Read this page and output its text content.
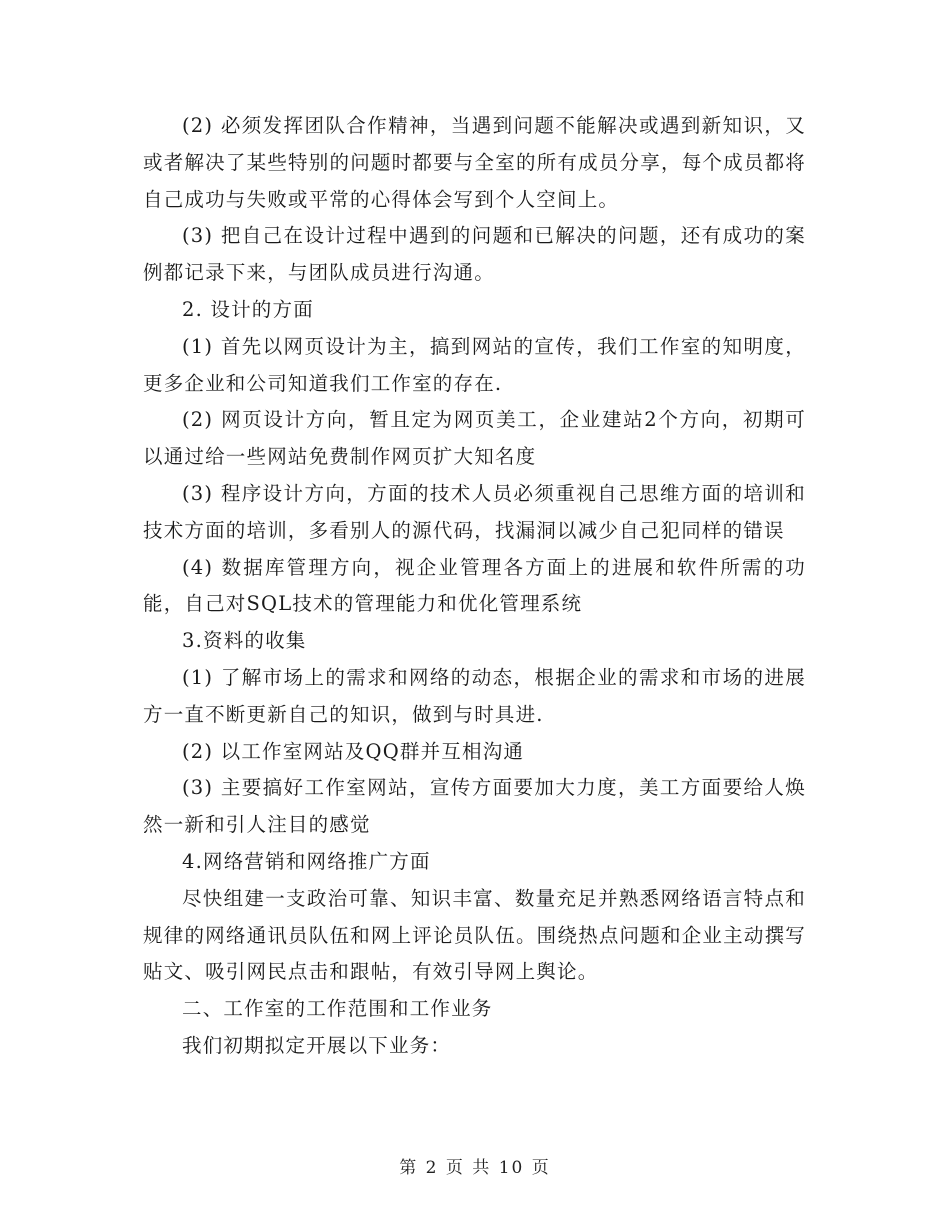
(2) 必须发挥团队合作精神，当遇到问题不能解决或遇到新知识，又或者解决了某些特别的问题时都要与全室的所有成员分享，每个成员都将自己成功与失败或平常的心得体会写到个人空间上。

(3) 把自己在设计过程中遇到的问题和已解决的问题，还有成功的案例都记录下来，与团队成员进行沟通。

2. 设计的方面

(1) 首先以网页设计为主，搞到网站的宣传，我们工作室的知明度，更多企业和公司知道我们工作室的存在.

(2) 网页设计方向，暂且定为网页美工，企业建站2个方向，初期可以通过给一些网站免费制作网页扩大知名度

(3) 程序设计方向，方面的技术人员必须重视自己思维方面的培训和技术方面的培训，多看别人的源代码，找漏洞以减少自己犯同样的错误

(4) 数据库管理方向，视企业管理各方面上的进展和软件所需的功能，自己对SQL技术的管理能力和优化管理系统

3.资料的收集

(1) 了解市场上的需求和网络的动态，根据企业的需求和市场的进展方一直不断更新自己的知识，做到与时具进.

(2) 以工作室网站及QQ群并互相沟通

(3) 主要搞好工作室网站，宣传方面要加大力度，美工方面要给人焕然一新和引人注目的感觉

4.网络营销和网络推广方面

尽快组建一支政治可靠、知识丰富、数量充足并熟悉网络语言特点和规律的网络通讯员队伍和网上评论员队伍。围绕热点问题和企业主动撰写贴文、吸引网民点击和跟帖，有效引导网上舆论。

二、工作室的工作范围和工作业务

我们初期拟定开展以下业务：

第 2 页 共 10 页
